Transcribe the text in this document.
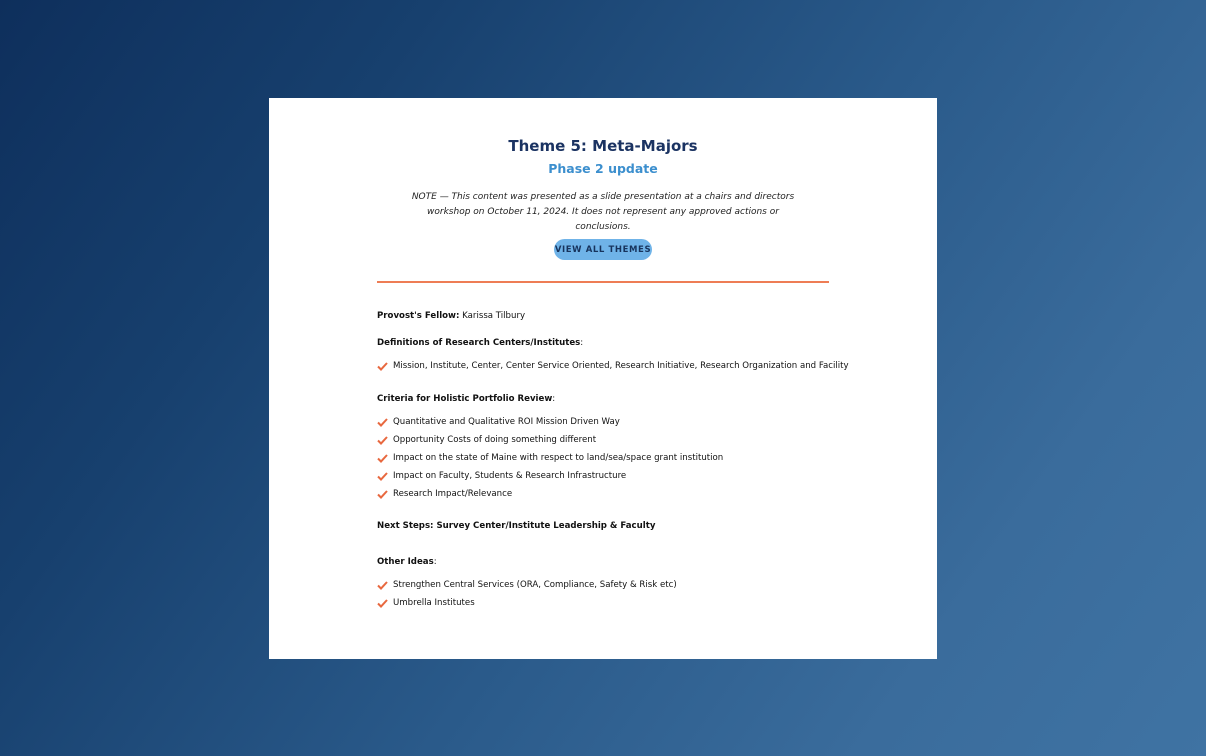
Theme 5: Meta-Majors
Phase 2 update
NOTE — This content was presented as a slide presentation at a chairs and directors
workshop on October 11, 2024. It does not represent any approved actions or conclusions.
VIEW ALL THEMES
Provost's Fellow: Karissa Tilbury
Definitions of Research Centers/Institutes:
Mission, Institute, Center, Center Service Oriented, Research Initiative, Research Organization and Facility
Criteria for Holistic Portfolio Review:
Quantitative and Qualitative ROI Mission Driven Way
Opportunity Costs of doing something different
Impact on the state of Maine with respect to land/sea/space grant institution
Impact on Faculty, Students & Research Infrastructure
Research Impact/Relevance
Next Steps: Survey Center/Institute Leadership & Faculty
Other Ideas:
Strengthen Central Services (ORA, Compliance, Safety & Risk etc)
Umbrella Institutes
